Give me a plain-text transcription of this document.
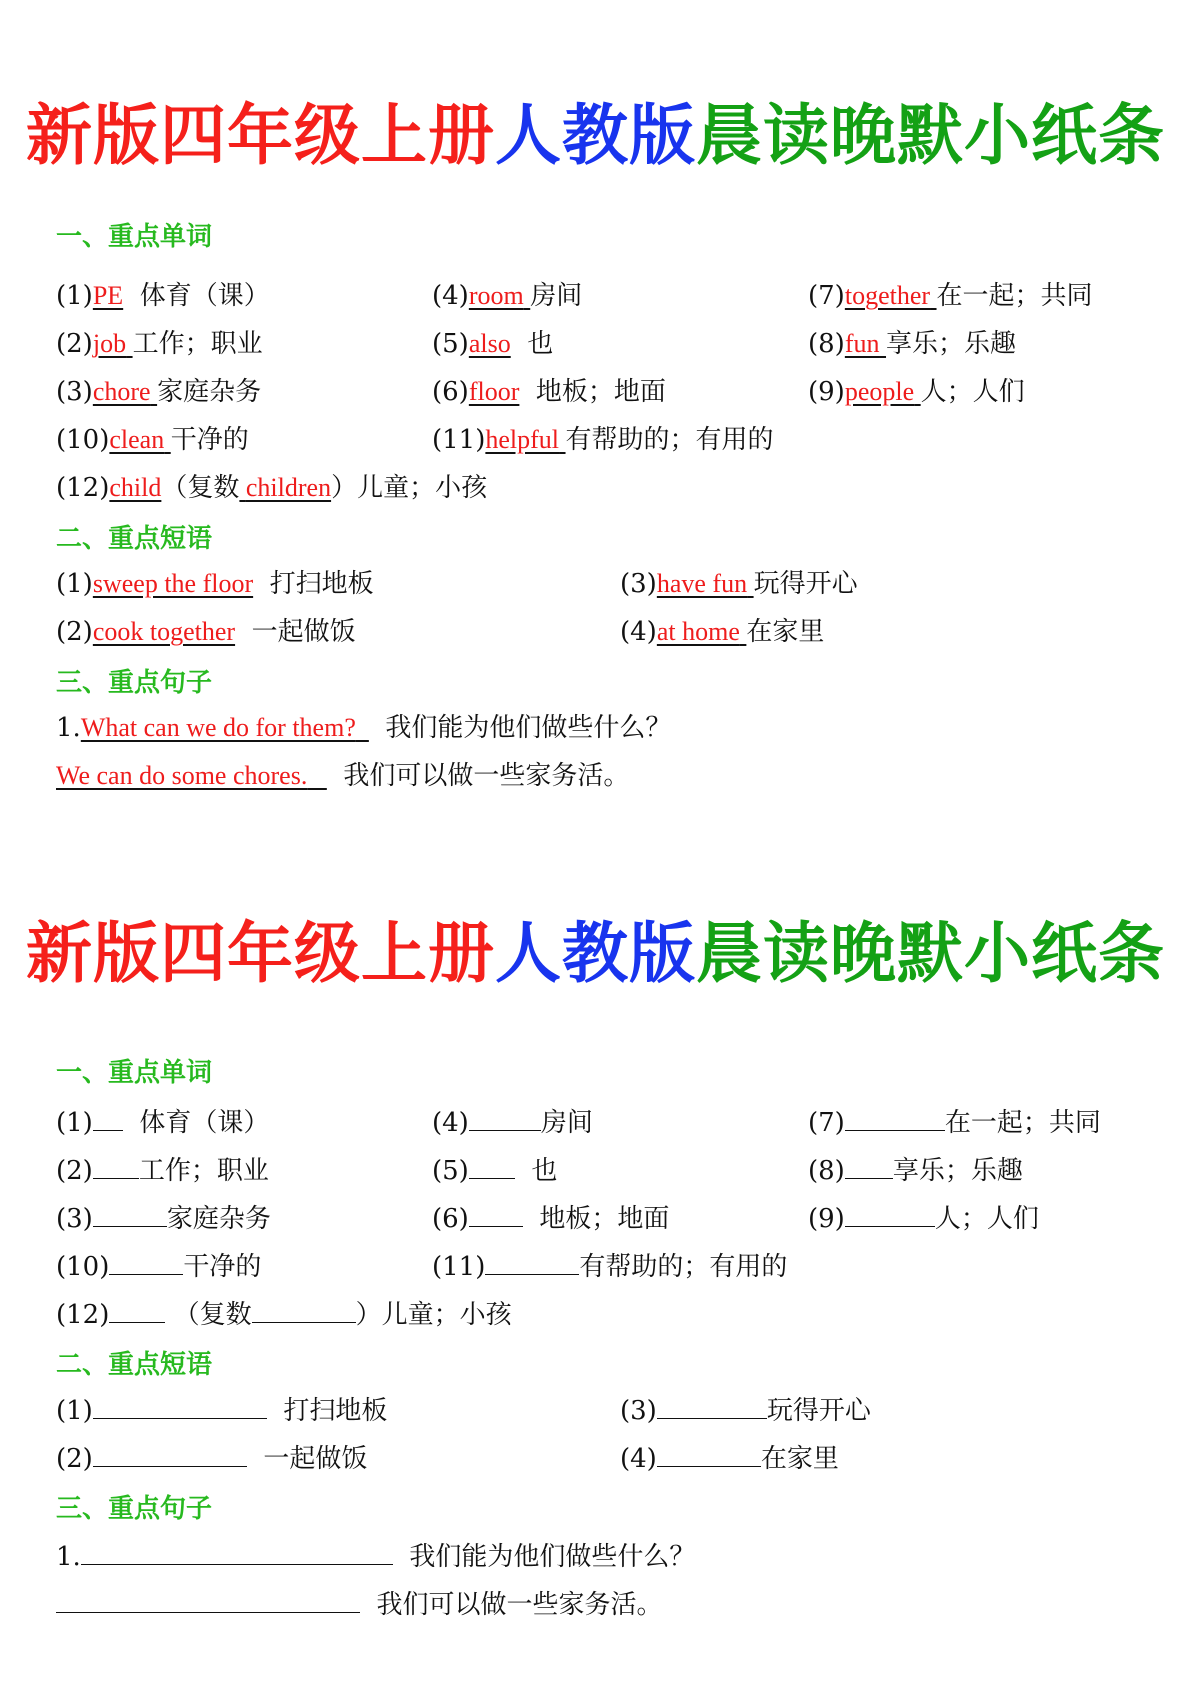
新版四年级上册人教版晨读晚默小纸条
一、重点单词
(1)PE 体育（课）	(4)room 房间	(7)together 在一起；共同
(2)job 工作；职业	(5)also 也	(8)fun 享乐；乐趣
(3)chore 家庭杂务	(6)floor 地板；地面	(9)people 人；人们
(10)clean 干净的	(11)helpful 有帮助的；有用的
(12)child（复数 children）儿童；小孩
二、重点短语
(1)sweep the floor 打扫地板	(3)have fun 玩得开心
(2)cook together 一起做饭	(4)at home 在家里
三、重点句子
1.What can we do for them? 我们能为他们做些什么？
We can do some chores. 我们可以做一些家务活。
新版四年级上册人教版晨读晚默小纸条
一、重点单词
(1) 体育（课）	(4)	房间	(7)	在一起；共同
(2) 工作；职业	(5) 也	(8) 享乐；乐趣
(3)	家庭杂务	(6)	地板；地面	(9)	人；人们
(10)	干净的	(11)	有帮助的；有用的
(12) （复数	）儿童；小孩
二、重点短语
(1)	打扫地板	(3)	玩得开心
(2)	一起做饭	(4)	在家里
三、重点句子
1.	我们能为他们做些什么？
我们可以做一些家务活。
